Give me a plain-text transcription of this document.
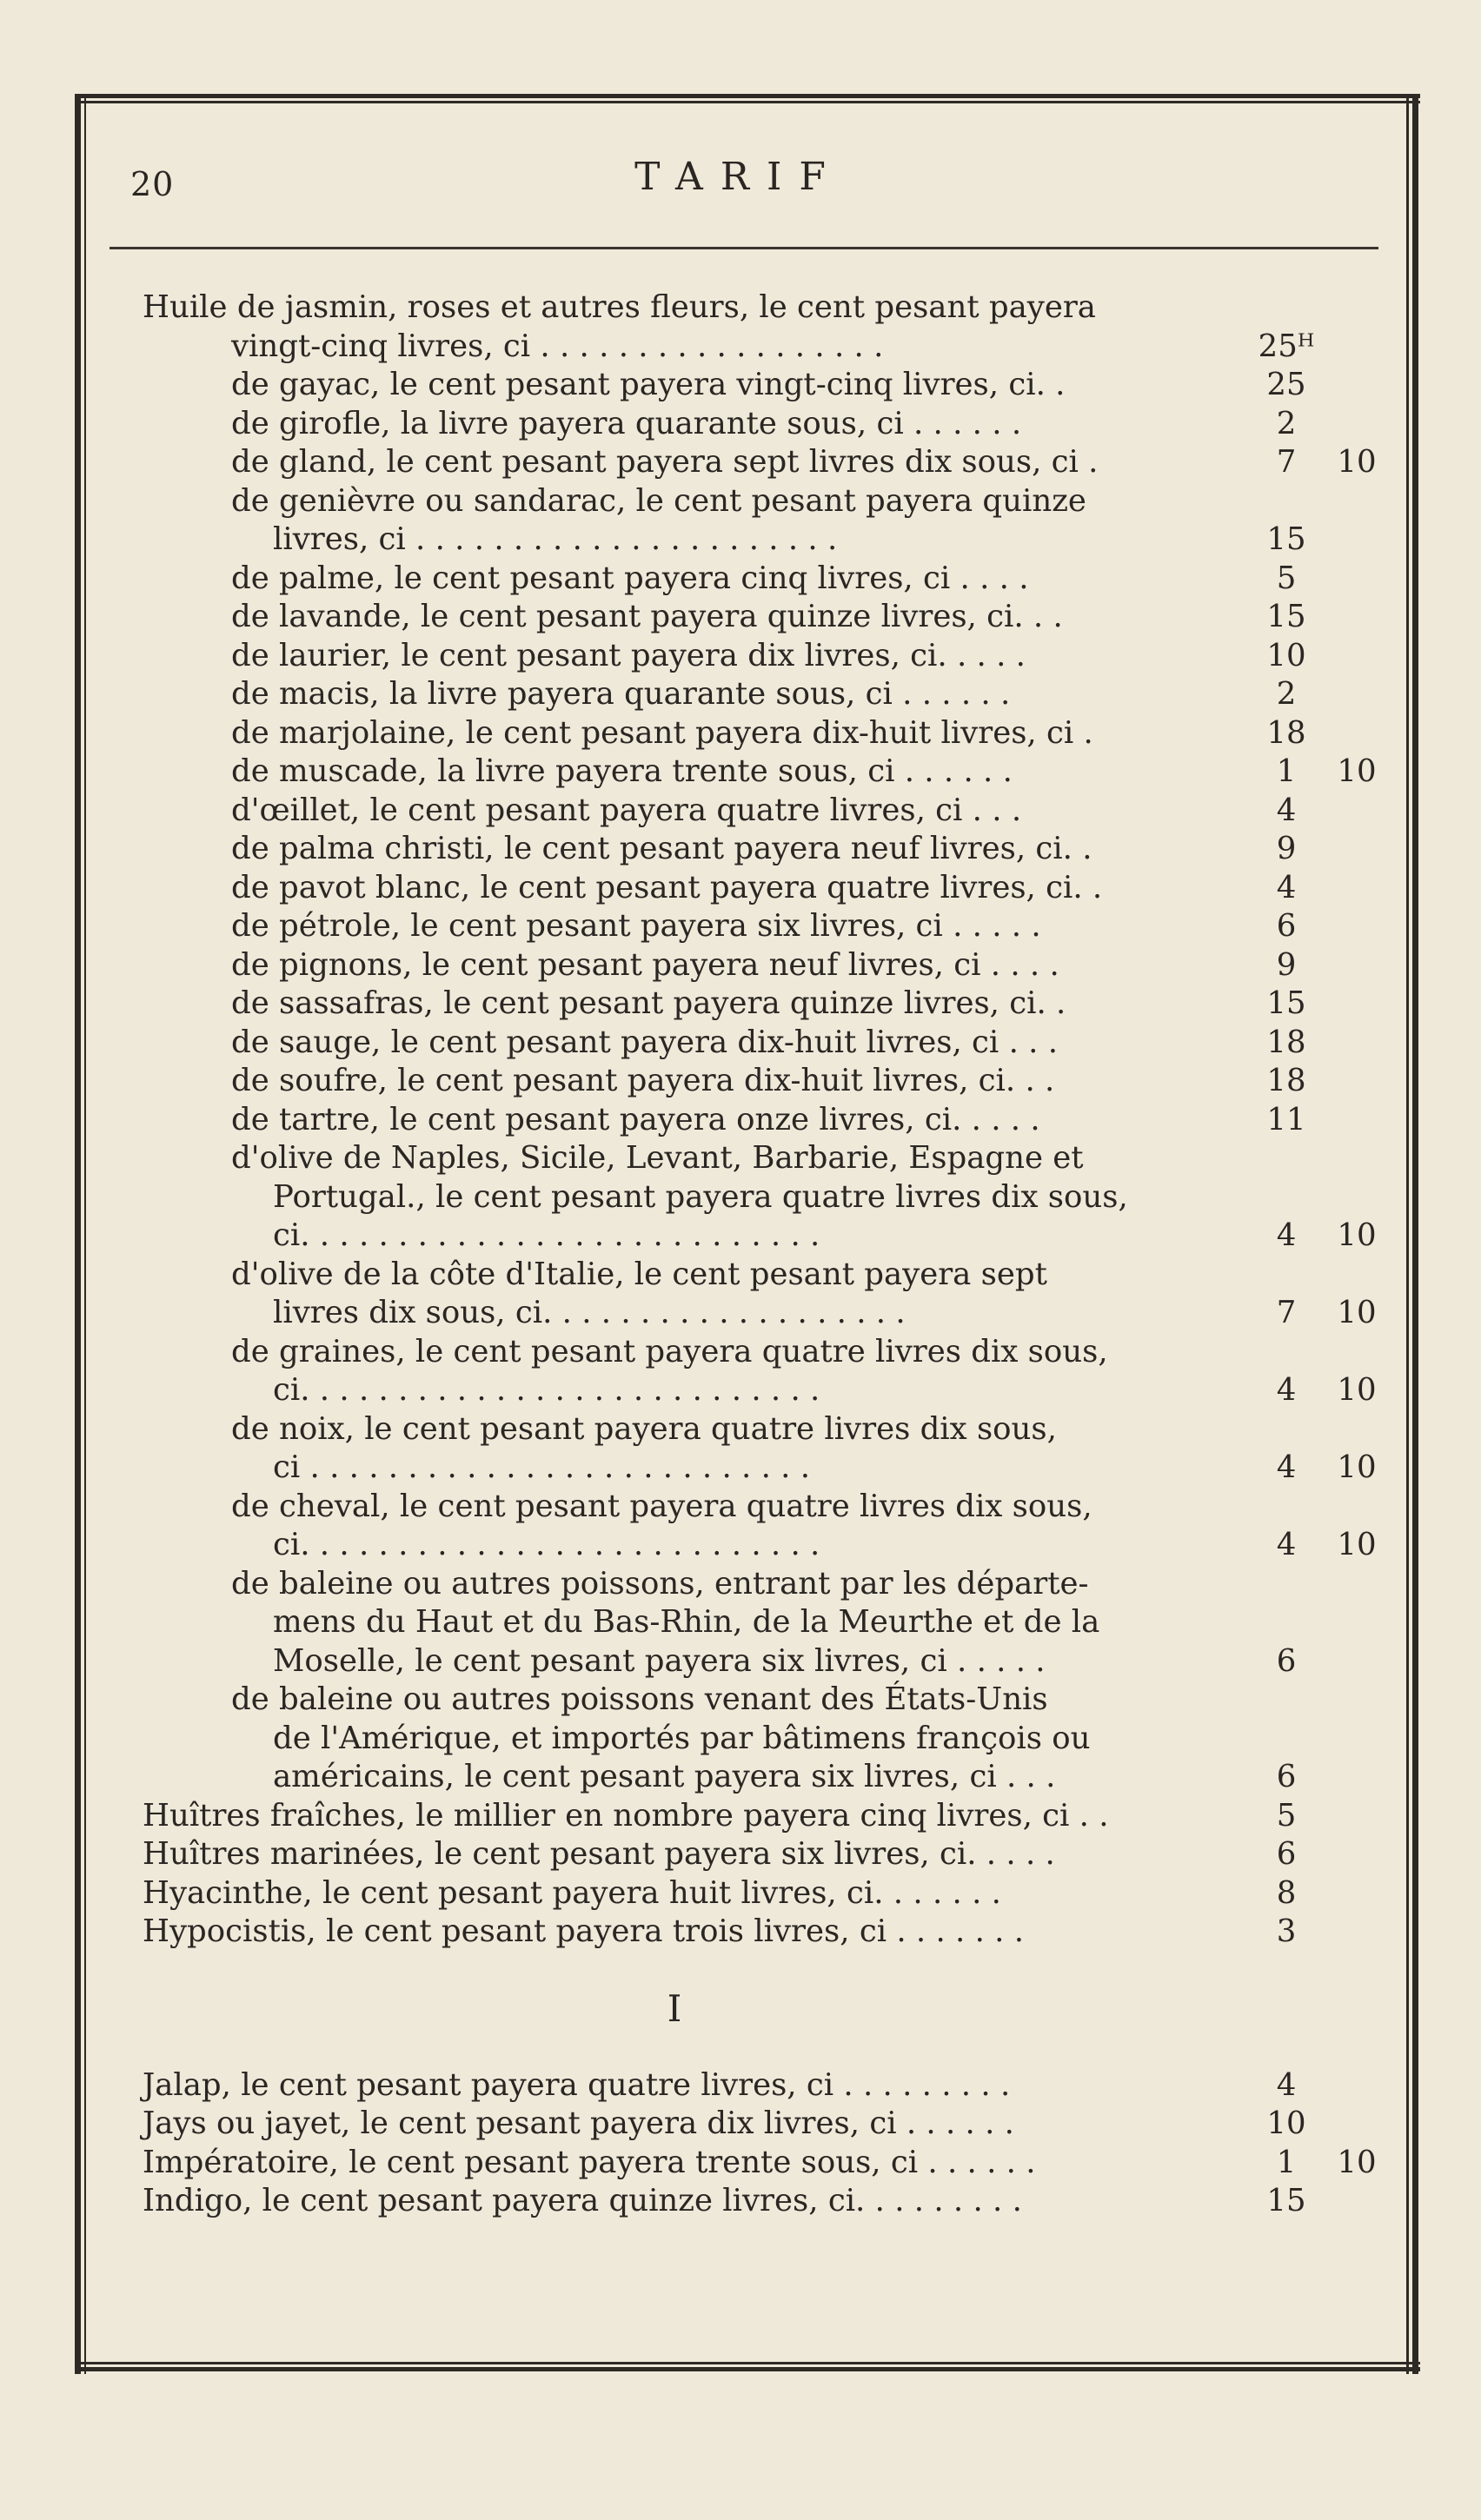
20	TARIF
Huile de jasmin, roses et autres fleurs, le cent pesant payera
vingt-cinq livres, ci . . . . . . . . . . . . . . . . . .	25ᴴ
de gayac, le cent pesant payera vingt-cinq livres, ci. .	25
de girofle, la livre payera quarante sous, ci . . . . . .	2
de gland, le cent pesant payera sept livres dix sous, ci .	7	10
de genièvre ou sandarac, le cent pesant payera quinze
livres, ci . . . . . . . . . . . . . . . . . . . . . .	15
de palme, le cent pesant payera cinq livres, ci . . . .	5
de lavande, le cent pesant payera quinze livres, ci. . .	15
de laurier, le cent pesant payera dix livres, ci. . . . .	10
de macis, la livre payera quarante sous, ci . . . . . .	2
de marjolaine, le cent pesant payera dix-huit livres, ci .	18
de muscade, la livre payera trente sous, ci . . . . . .	1	10
d'œillet, le cent pesant payera quatre livres, ci . . .	4
de palma christi, le cent pesant payera neuf livres, ci. .	9
de pavot blanc, le cent pesant payera quatre livres, ci. .	4
de pétrole, le cent pesant payera six livres, ci . . . . .	6
de pignons, le cent pesant payera neuf livres, ci . . . .	9
de sassafras, le cent pesant payera quinze livres, ci. .	15
de sauge, le cent pesant payera dix-huit livres, ci . . .	18
de soufre, le cent pesant payera dix-huit livres, ci. . .	18
de tartre, le cent pesant payera onze livres, ci. . . . .	11
d'olive de Naples, Sicile, Levant, Barbarie, Espagne et
Portugal., le cent pesant payera quatre livres dix sous,
ci. . . . . . . . . . . . . . . . . . . . . . . . . . .	4	10
d'olive de la côte d'Italie, le cent pesant payera sept
livres dix sous, ci. . . . . . . . . . . . . . . . . . .	7	10
de graines, le cent pesant payera quatre livres dix sous,
ci. . . . . . . . . . . . . . . . . . . . . . . . . . .	4	10
de noix, le cent pesant payera quatre livres dix sous,
ci . . . . . . . . . . . . . . . . . . . . . . . . . .	4	10
de cheval, le cent pesant payera quatre livres dix sous,
ci. . . . . . . . . . . . . . . . . . . . . . . . . . .	4	10
de baleine ou autres poissons, entrant par les départe-
mens du Haut et du Bas-Rhin, de la Meurthe et de la
Moselle, le cent pesant payera six livres, ci . . . . .	6
de baleine ou autres poissons venant des États-Unis
de l'Amérique, et importés par bâtimens françois ou
américains, le cent pesant payera six livres, ci . . .	6
Huîtres fraîches, le millier en nombre payera cinq livres, ci . .	5
Huîtres marinées, le cent pesant payera six livres, ci. . . . .	6
Hyacinthe, le cent pesant payera huit livres, ci. . . . . . .	8
Hypocistis, le cent pesant payera trois livres, ci . . . . . . .	3
I
Jalap, le cent pesant payera quatre livres, ci . . . . . . . . .	4
Jays ou jayet, le cent pesant payera dix livres, ci . . . . . .	10
Impératoire, le cent pesant payera trente sous, ci . . . . . .	1	10
Indigo, le cent pesant payera quinze livres, ci. . . . . . . . .	15
